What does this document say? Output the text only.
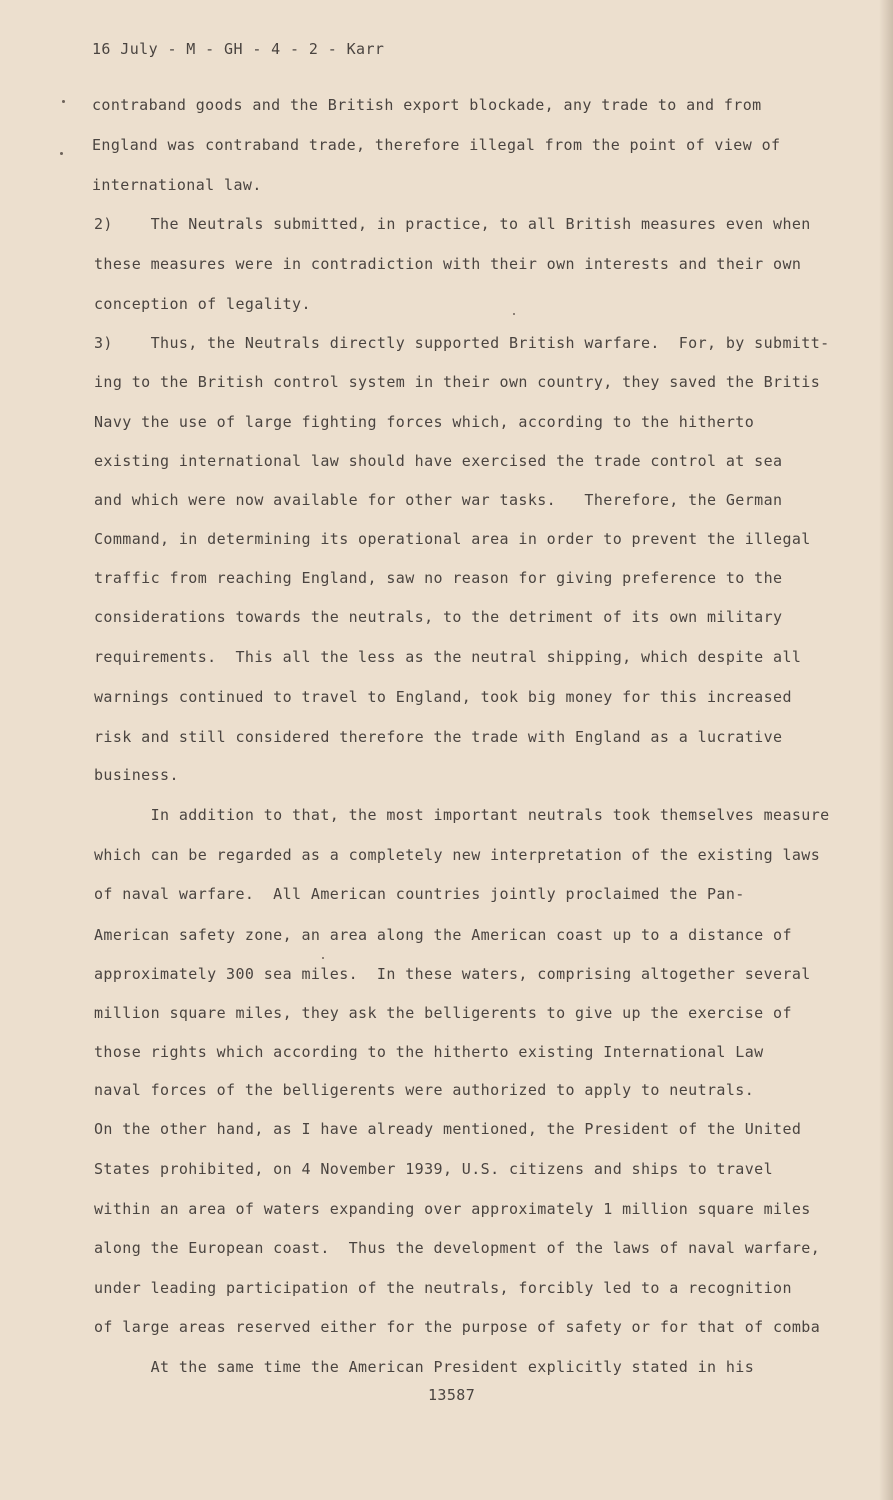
16 July - M - GH - 4 - 2 - Karr
contraband goods and the British export blockade, any trade to and from
England was contraband trade, therefore illegal from the point of view of
international law.
2)    The Neutrals submitted, in practice, to all British measures even when
these measures were in contradiction with their own interests and their own
conception of legality.
3)    Thus, the Neutrals directly supported British warfare.  For, by submitt-
ing to the British control system in their own country, they saved the Britis
Navy the use of large fighting forces which, according to the hitherto
existing international law should have exercised the trade control at sea
and which were now available for other war tasks.   Therefore, the German
Command, in determining its operational area in order to prevent the illegal
traffic from reaching England, saw no reason for giving preference to the
considerations towards the neutrals, to the detriment of its own military
requirements.  This all the less as the neutral shipping, which despite all
warnings continued to travel to England, took big money for this increased
risk and still considered therefore the trade with England as a lucrative
business.
In addition to that, the most important neutrals took themselves measure
which can be regarded as a completely new interpretation of the existing laws
of naval warfare.  All American countries jointly proclaimed the Pan-
American safety zone, an area along the American coast up to a distance of
approximately 300 sea miles.  In these waters, comprising altogether several
million square miles, they ask the belligerents to give up the exercise of
those rights which according to the hitherto existing International Law
naval forces of the belligerents were authorized to apply to neutrals.
On the other hand, as I have already mentioned, the President of the United
States prohibited, on 4 November 1939, U.S. citizens and ships to travel
within an area of waters expanding over approximately 1 million square miles
along the European coast.  Thus the development of the laws of naval warfare,
under leading participation of the neutrals, forcibly led to a recognition
of large areas reserved either for the purpose of safety or for that of comba
At the same time the American President explicitly stated in his
13587
